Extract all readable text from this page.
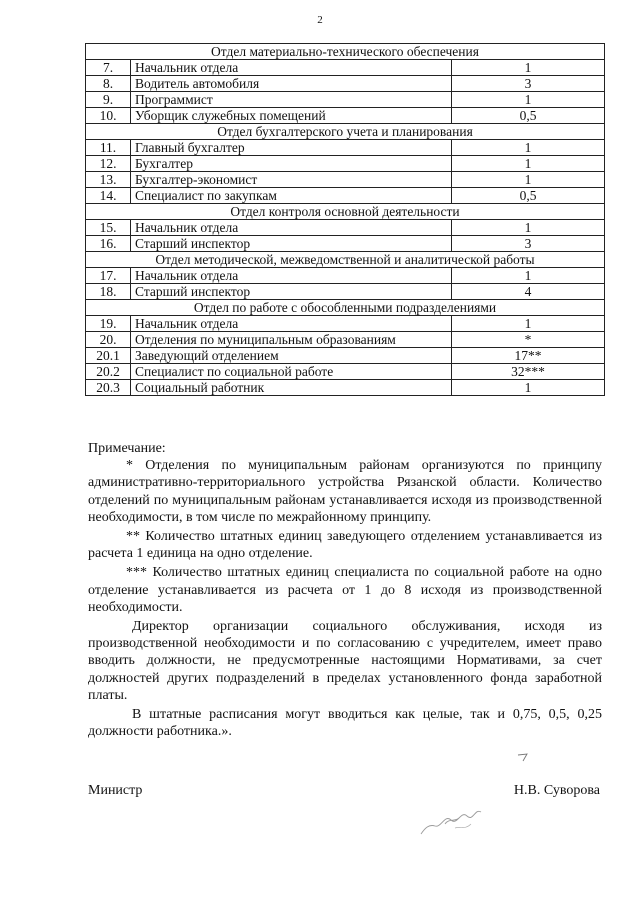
2
Отдел материально-технического обеспечения		
7.	Начальник отдела	1
8.	Водитель автомобиля	3
9.	Программист	1
10.	Уборщик служебных помещений	0,5
Отдел бухгалтерского учета и планирования		
11.	Главный бухгалтер	1
12.	Бухгалтер	1
13.	Бухгалтер-экономист	1
14.	Специалист по закупкам	0,5
Отдел контроля основной деятельности		
15.	Начальник отдела	1
16.	Старший инспектор	3
Отдел методической, межведомственной и аналитической работы		
17.	Начальник отдела	1
18.	Старший инспектор	4
Отдел по работе с обособленными подразделениями		
19.	Начальник отдела	1
20.	Отделения по муниципальным образованиям	*
20.1	Заведующий отделением	17**
20.2	Специалист по социальной работе	32***
20.3	Социальный работник	1

Примечание:

* Отделения по муниципальным районам организуются по принципу административно-территориального устройства Рязанской области. Количество отделений по муниципальным районам устанавливается исходя из производственной необходимости, в том числе по межрайонному принципу.

** Количество штатных единиц заведующего отделением устанавливается из расчета 1 единица на одно отделение.

*** Количество штатных единиц специалиста по социальной работе на одно отделение устанавливается из расчета от 1 до 8 исходя из производственной необходимости.

Директор организации социального обслуживания, исходя из производственной необходимости и по согласованию с учредителем, имеет право вводить должности, не предусмотренные настоящими Нормативами, за счет должностей других подразделений в пределах установленного фонда заработной платы.

В штатные расписания могут вводиться как целые, так и 0,75, 0,5, 0,25 должности работника.».

Министр	Н.В. Суворова
